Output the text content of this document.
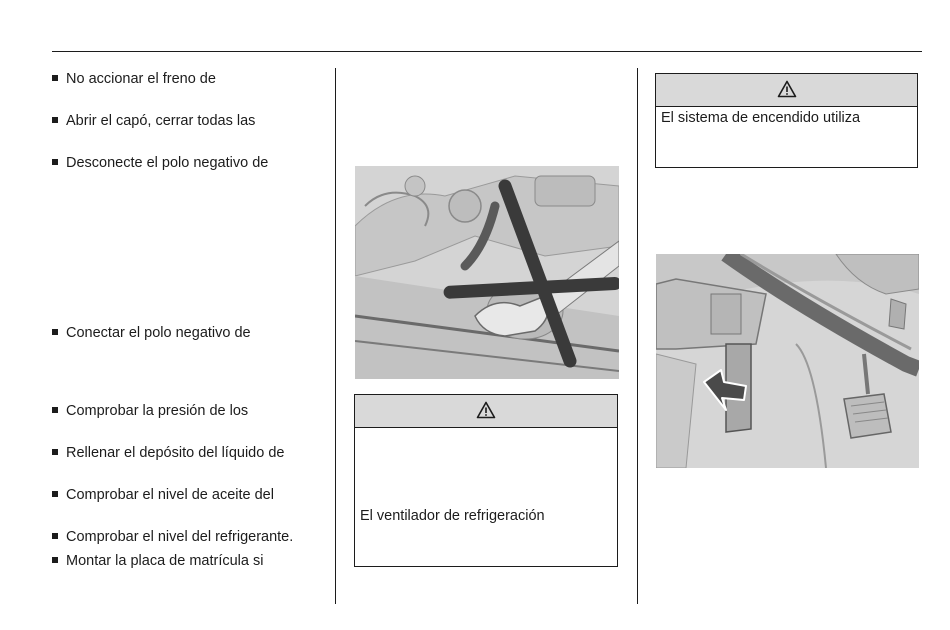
No accionar el freno de
Abrir el capó, cerrar todas las
Desconecte el polo negativo de
Conectar el polo negativo de
Comprobar la presión de los
Rellenar el depósito del líquido de
Comprobar el nivel de aceite del
Comprobar el nivel del refrigerante.
Montar la placa de matrícula si
El ventilador de refrigeración
El sistema de encendido utiliza
